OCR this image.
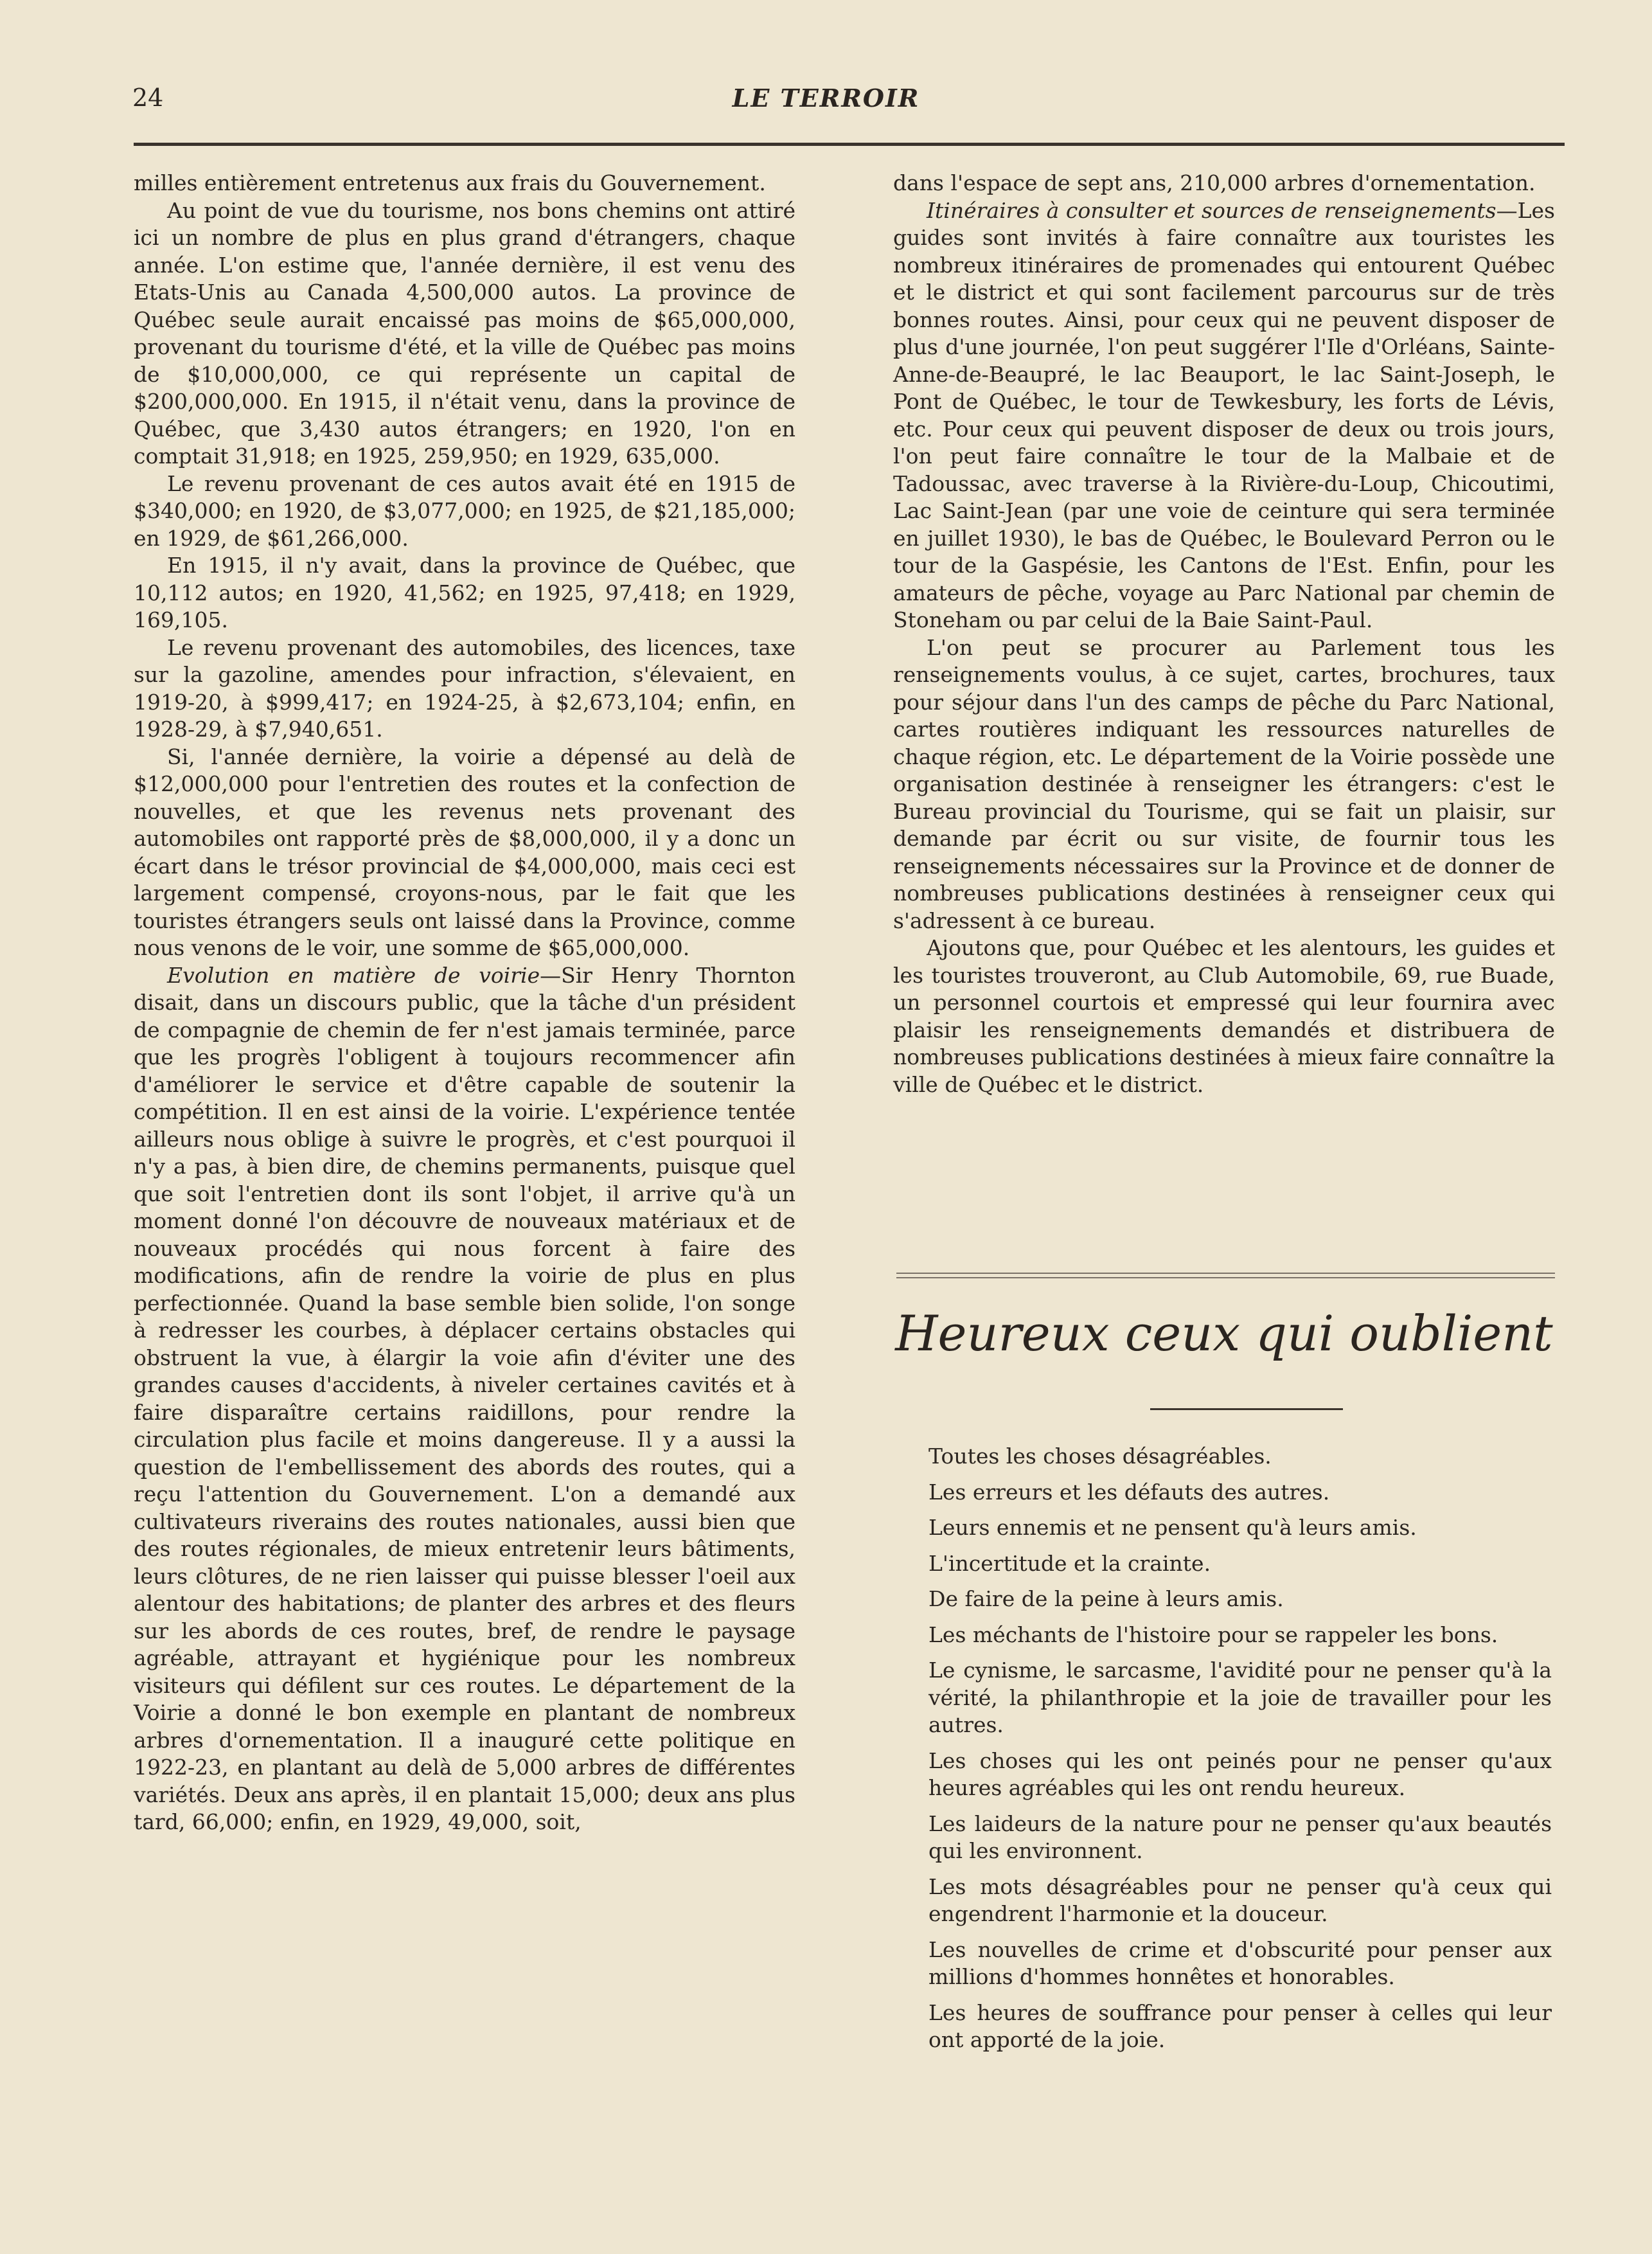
24	LE TERROIR

milles entièrement entretenus aux frais du Gouvernement.

Au point de vue du tourisme, nos bons chemins ont attiré ici un nombre de plus en plus grand d'étrangers, chaque année. L'on estime que, l'année dernière, il est venu des Etats-Unis au Canada 4,500,000 autos. La province de Québec seule aurait encaissé pas moins de $65,000,000, provenant du tourisme d'été, et la ville de Québec pas moins de $10,000,000, ce qui représente un capital de $200,000,000. En 1915, il n'était venu, dans la province de Québec, que 3,430 autos étrangers; en 1920, l'on en comptait 31,918; en 1925, 259,950; en 1929, 635,000.

Le revenu provenant de ces autos avait été en 1915 de $340,000; en 1920, de $3,077,000; en 1925, de $21,185,000; en 1929, de $61,266,000.

En 1915, il n'y avait, dans la province de Québec, que 10,112 autos; en 1920, 41,562; en 1925, 97,418; en 1929, 169,105.

Le revenu provenant des automobiles, des licences, taxe sur la gazoline, amendes pour infraction, s'élevaient, en 1919-20, à $999,417; en 1924-25, à $2,673,104; enfin, en 1928-29, à $7,940,651.

Si, l'année dernière, la voirie a dépensé au delà de $12,000,000 pour l'entretien des routes et la confection de nouvelles, et que les revenus nets provenant des automobiles ont rapporté près de $8,000,000, il y a donc un écart dans le trésor provincial de $4,000,000, mais ceci est largement compensé, croyons-nous, par le fait que les touristes étrangers seuls ont laissé dans la Province, comme nous venons de le voir, une somme de $65,000,000.

Evolution en matière de voirie—Sir Henry Thornton disait, dans un discours public, que la tâche d'un président de compagnie de chemin de fer n'est jamais terminée, parce que les progrès l'obligent à toujours recommencer afin d'améliorer le service et d'être capable de soutenir la compétition. Il en est ainsi de la voirie. L'expérience tentée ailleurs nous oblige à suivre le progrès, et c'est pourquoi il n'y a pas, à bien dire, de chemins permanents, puisque quel que soit l'entretien dont ils sont l'objet, il arrive qu'à un moment donné l'on découvre de nouveaux matériaux et de nouveaux procédés qui nous forcent à faire des modifications, afin de rendre la voirie de plus en plus perfectionnée. Quand la base semble bien solide, l'on songe à redresser les courbes, à déplacer certains obstacles qui obstruent la vue, à élargir la voie afin d'éviter une des grandes causes d'accidents, à niveler certaines cavités et à faire disparaître certains raidillons, pour rendre la circulation plus facile et moins dangereuse. Il y a aussi la question de l'embellissement des abords des routes, qui a reçu l'attention du Gouvernement. L'on a demandé aux cultivateurs riverains des routes nationales, aussi bien que des routes régionales, de mieux entretenir leurs bâtiments, leurs clôtures, de ne rien laisser qui puisse blesser l'oeil aux alentour des habitations; de planter des arbres et des fleurs sur les abords de ces routes, bref, de rendre le paysage agréable, attrayant et hygiénique pour les nombreux visiteurs qui défilent sur ces routes. Le département de la Voirie a donné le bon exemple en plantant de nombreux arbres d'ornementation. Il a inauguré cette politique en 1922-23, en plantant au delà de 5,000 arbres de différentes variétés. Deux ans après, il en plantait 15,000; deux ans plus tard, 66,000; enfin, en 1929, 49,000, soit,

dans l'espace de sept ans, 210,000 arbres d'ornementation.

Itinéraires à consulter et sources de renseignements—Les guides sont invités à faire connaître aux touristes les nombreux itinéraires de promenades qui entourent Québec et le district et qui sont facilement parcourus sur de très bonnes routes. Ainsi, pour ceux qui ne peuvent disposer de plus d'une journée, l'on peut suggérer l'Ile d'Orléans, Sainte-Anne-de-Beaupré, le lac Beauport, le lac Saint-Joseph, le Pont de Québec, le tour de Tewkesbury, les forts de Lévis, etc. Pour ceux qui peuvent disposer de deux ou trois jours, l'on peut faire connaître le tour de la Malbaie et de Tadoussac, avec traverse à la Rivière-du-Loup, Chicoutimi, Lac Saint-Jean (par une voie de ceinture qui sera terminée en juillet 1930), le bas de Québec, le Boulevard Perron ou le tour de la Gaspésie, les Cantons de l'Est. Enfin, pour les amateurs de pêche, voyage au Parc National par chemin de Stoneham ou par celui de la Baie Saint-Paul.

L'on peut se procurer au Parlement tous les renseignements voulus, à ce sujet, cartes, brochures, taux pour séjour dans l'un des camps de pêche du Parc National, cartes routières indiquant les ressources naturelles de chaque région, etc. Le département de la Voirie possède une organisation destinée à renseigner les étrangers: c'est le Bureau provincial du Tourisme, qui se fait un plaisir, sur demande par écrit ou sur visite, de fournir tous les renseignements nécessaires sur la Province et de donner de nombreuses publications destinées à renseigner ceux qui s'adressent à ce bureau.

Ajoutons que, pour Québec et les alentours, les guides et les touristes trouveront, au Club Automobile, 69, rue Buade, un personnel courtois et empressé qui leur fournira avec plaisir les renseignements demandés et distribuera de nombreuses publications destinées à mieux faire connaître la ville de Québec et le district.

Heureux ceux qui oublient

Toutes les choses désagréables.

Les erreurs et les défauts des autres.

Leurs ennemis et ne pensent qu'à leurs amis.

L'incertitude et la crainte.

De faire de la peine à leurs amis.

Les méchants de l'histoire pour se rappeler les bons.

Le cynisme, le sarcasme, l'avidité pour ne penser qu'à la vérité, la philanthropie et la joie de travailler pour les autres.

Les choses qui les ont peinés pour ne penser qu'aux heures agréables qui les ont rendu heureux.

Les laideurs de la nature pour ne penser qu'aux beautés qui les environnent.

Les mots désagréables pour ne penser qu'à ceux qui engendrent l'harmonie et la douceur.

Les nouvelles de crime et d'obscurité pour penser aux millions d'hommes honnêtes et honorables.

Les heures de souffrance pour penser à celles qui leur ont apporté de la joie.
